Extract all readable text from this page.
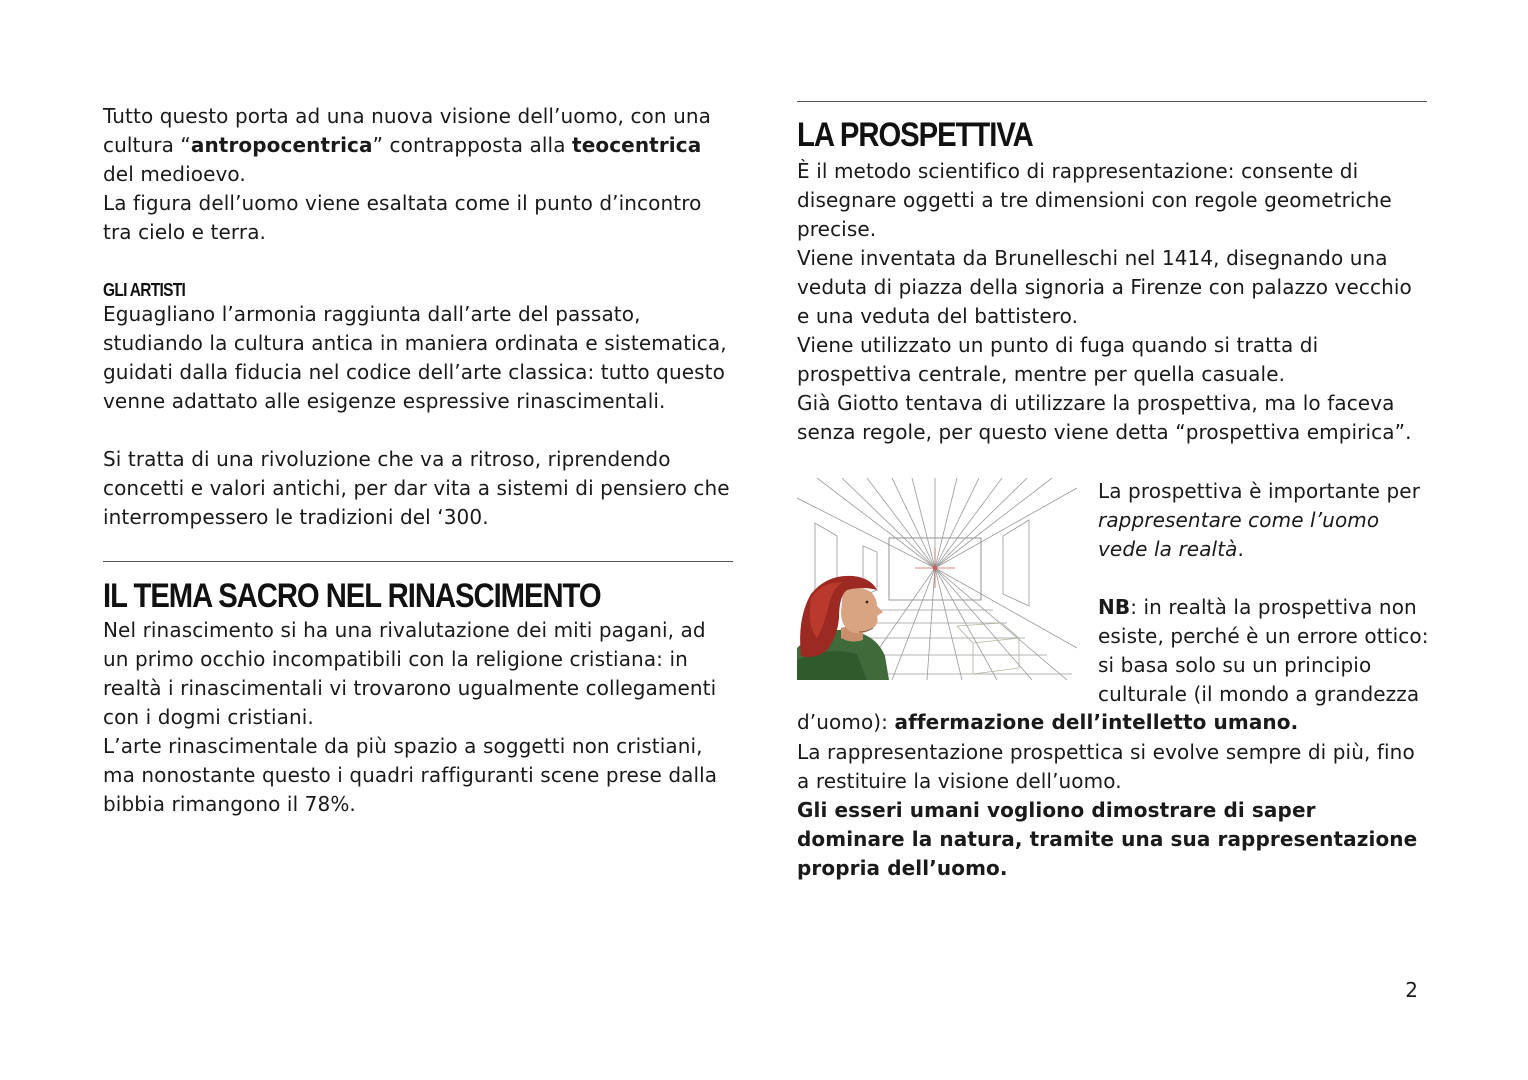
Tutto questo porta ad una nuova visione dell’uomo, con una cultura “antropocentrica” contrapposta alla teocentrica del medioevo.

La figura dell’uomo viene esaltata come il punto d’incontro tra cielo e terra.

GLI ARTISTI

Eguagliano l’armonia raggiunta dall’arte del passato, studiando la cultura antica in maniera ordinata e sistematica, guidati dalla fiducia nel codice dell’arte classica: tutto questo venne adattato alle esigenze espressive rinascimentali.

Si tratta di una rivoluzione che va a ritroso, riprendendo concetti e valori antichi, per dar vita a sistemi di pensiero che interrompessero le tradizioni del ‘300.

IL TEMA SACRO NEL RINASCIMENTO

Nel rinascimento si ha una rivalutazione dei miti pagani, ad un primo occhio incompatibili con la religione cristiana: in realtà i rinascimentali vi trovarono ugualmente collegamenti con i dogmi cristiani.

L’arte rinascimentale da più spazio a soggetti non cristiani, ma nonostante questo i quadri raffiguranti scene prese dalla bibbia rimangono il 78%.

LA PROSPETTIVA

È il metodo scientifico di rappresentazione: consente di disegnare oggetti a tre dimensioni con regole geometriche precise.

Viene inventata da Brunelleschi nel 1414, disegnando una veduta di piazza della signoria a Firenze con palazzo vecchio e una veduta del battistero.

Viene utilizzato un punto di fuga quando si tratta di prospettiva centrale, mentre per quella casuale.

Già Giotto tentava di utilizzare la prospettiva, ma lo faceva senza regole, per questo viene detta “prospettiva empirica”.

La prospettiva è importante per rappresentare come l’uomo vede la realtà.

NB: in realtà la prospettiva non esiste, perché è un errore ottico: si basa solo su un principio culturale (il mondo a grandezza

d’uomo): affermazione dell’intelletto umano.

La rappresentazione prospettica si evolve sempre di più, fino a restituire la visione dell’uomo.

Gli esseri umani vogliono dimostrare di saper dominare la natura, tramite una sua rappresentazione propria dell’uomo.

2
